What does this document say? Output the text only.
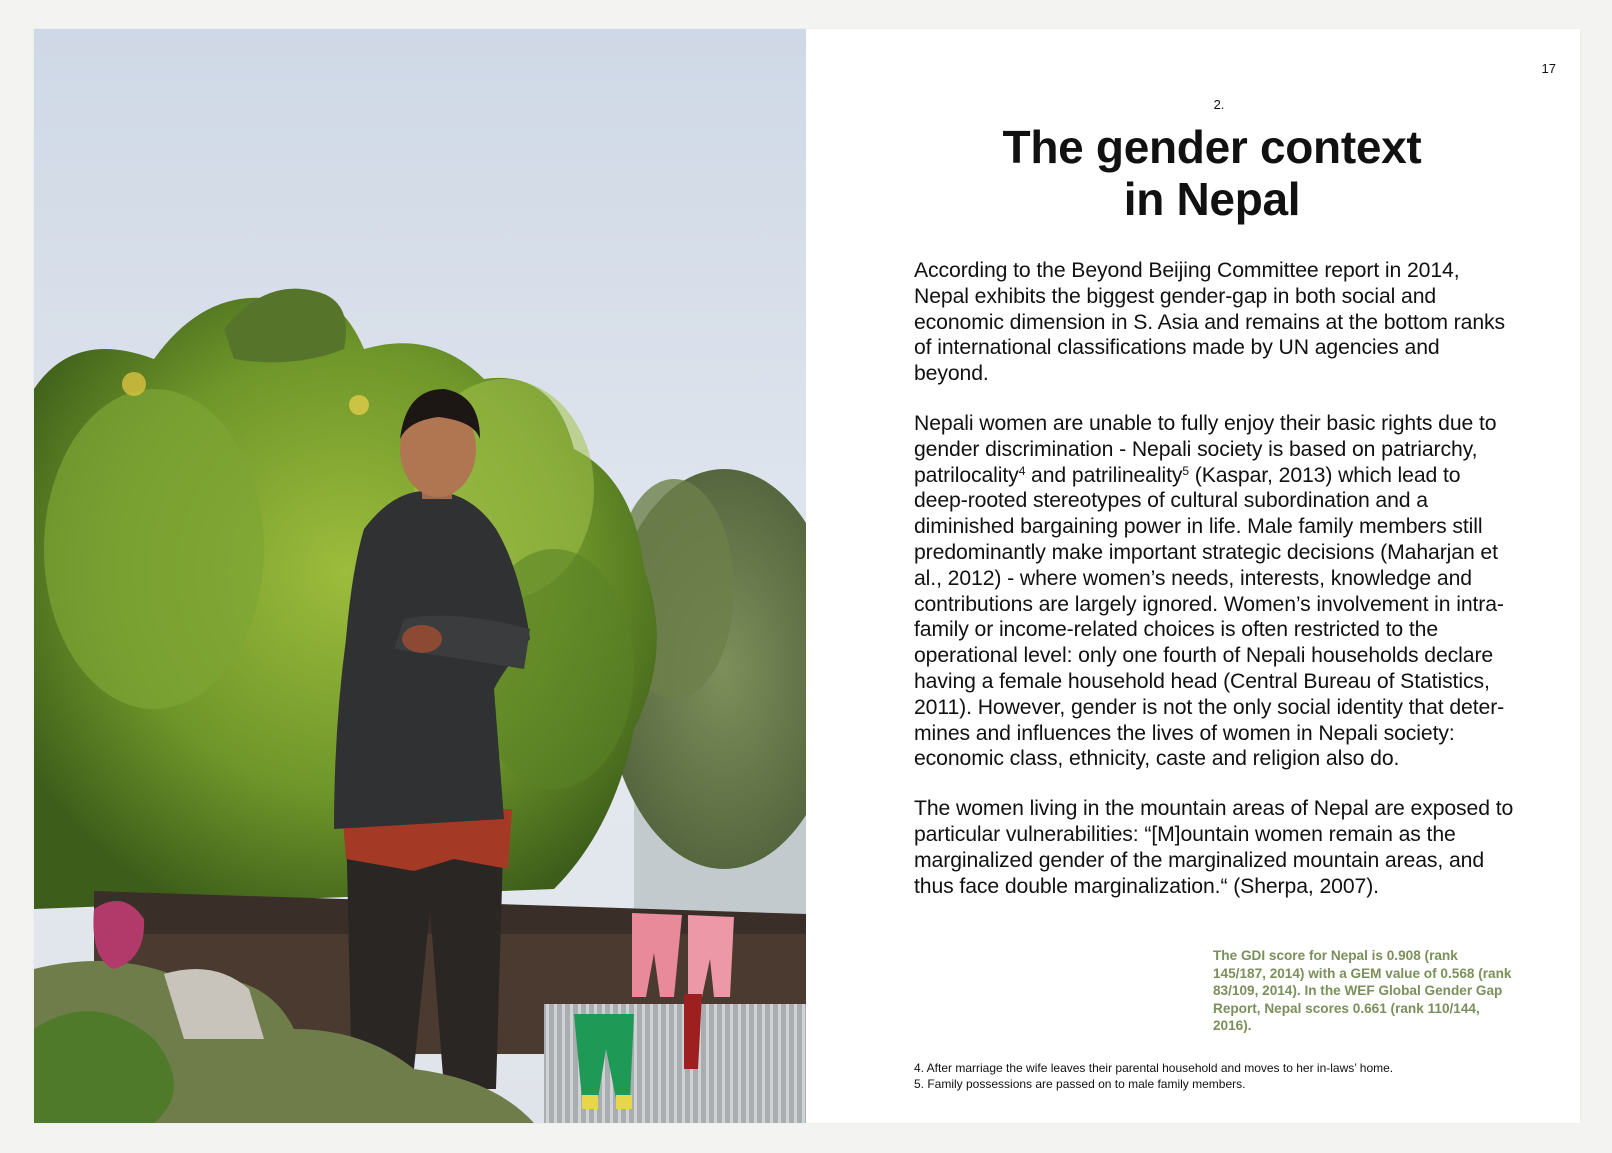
17
2.
The gender context
in Nepal

According to the Beyond Beijing Committee report in 2014, Nepal exhibits the biggest gender-gap in both social and economic dimension in S. Asia and remains at the bottom ranks of international classifications made by UN agencies and beyond.

Nepali women are unable to fully enjoy their basic rights due to gender discrimination - Nepali society is based on patriarchy, patrilocality$^4$ and patrilineality$^5$ (Kaspar, 2013) which lead to deep-rooted stereotypes of cultural subordination and a diminished bargaining power in life. Male family members still predominantly make important strategic decisions (Maharjan et al., 2012) - where women’s needs, interests, knowledge and contributions are largely ignored. Women’s involvement in intra-family or income-related choices is often restricted to the operational level: only one fourth of Nepali households declare having a female household head (Central Bureau of Statistics, 2011). However, gender is not the only social identity that determines and influences the lives of women in Nepali society: economic class, ethnicity, caste and religion also do.

The women living in the mountain areas of Nepal are exposed to particular vulnerabilities: “[M]ountain women remain as the marginalized gender of the marginalized mountain areas, and thus face double marginalization.“ (Sherpa, 2007).

The GDI score for Nepal is 0.908 (rank 145/187, 2014) with a GEM value of 0.568 (rank 83/109, 2014). In the WEF Global Gender Gap Report, Nepal scores 0.661 (rank 110/144, 2016).
4. After marriage the wife leaves their parental household and moves to her in-laws’ home.
5. Family possessions are passed on to male family members.
